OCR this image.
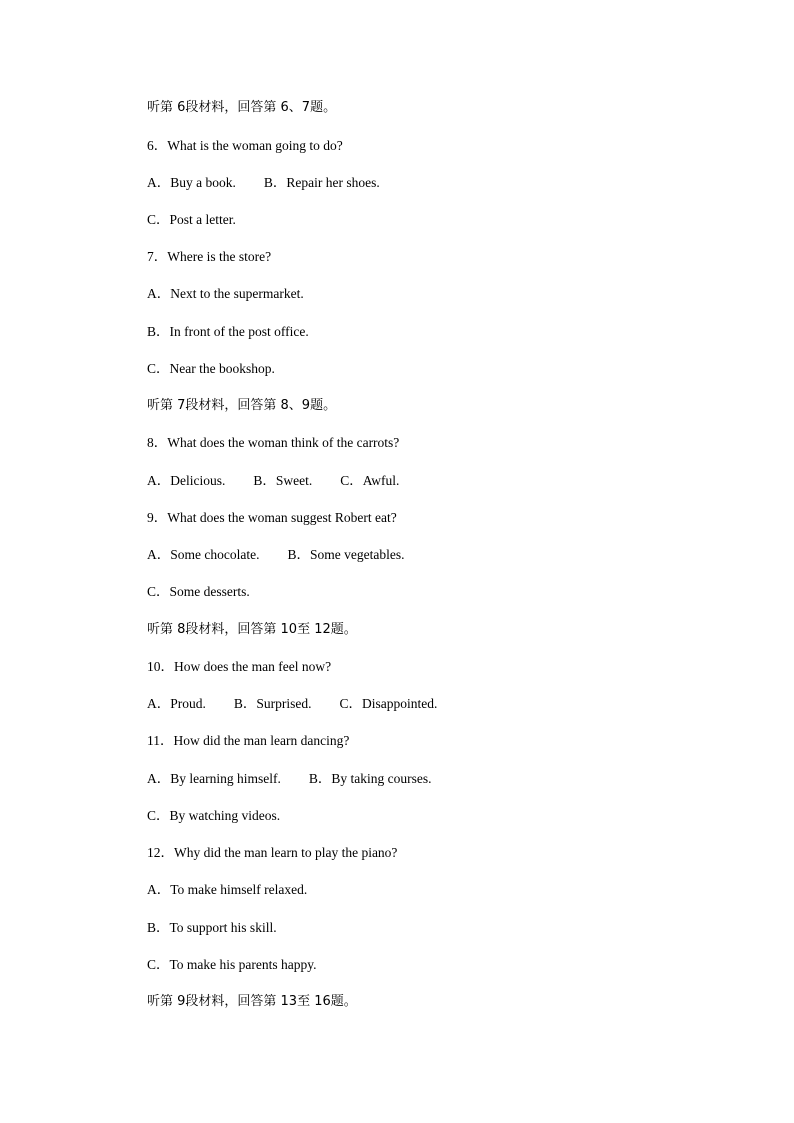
听第 6段材料，回答第 6、7题。
6．What is the woman going to do?
A．Buy a book. B．Repair her shoes.
C．Post a letter.
7．Where is the store?
A．Next to the supermarket.
B．In front of the post office.
C．Near the bookshop.
听第 7段材料，回答第 8、9题。
8．What does the woman think of the carrots?
A．Delicious. B．Sweet. C．Awful.
9．What does the woman suggest Robert eat?
A．Some chocolate. B．Some vegetables.
C．Some desserts.
听第 8段材料，回答第 10至 12题。
10．How does the man feel now?
A．Proud. B．Surprised. C．Disappointed.
11．How did the man learn dancing?
A．By learning himself. B．By taking courses.
C．By watching videos.
12．Why did the man learn to play the piano?
A．To make himself relaxed.
B．To support his skill.
C．To make his parents happy.
听第 9段材料，回答第 13至 16题。
